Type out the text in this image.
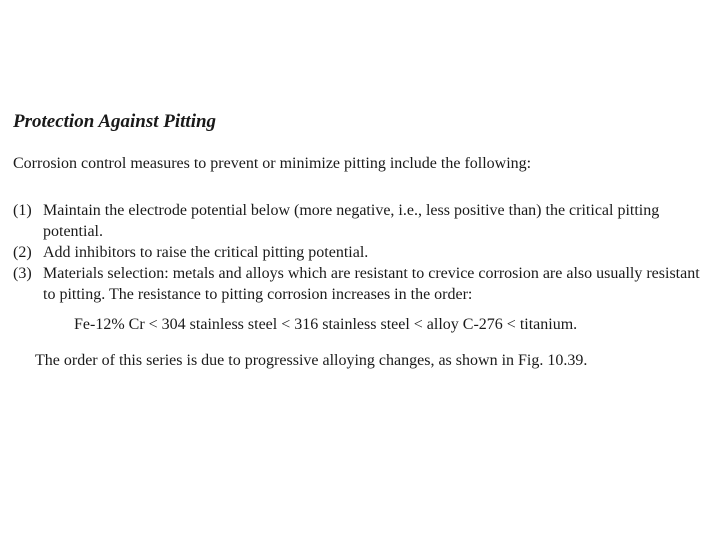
Protection Against Pitting
Corrosion control measures to prevent or minimize pitting include the following:
(1) Maintain the electrode potential below (more negative, i.e., less positive than) the critical pitting potential.
(2) Add inhibitors to raise the critical pitting potential.
(3) Materials selection: metals and alloys which are resistant to crevice corrosion are also usually resistant to pitting. The resistance to pitting corrosion increases in the order:
Fe-12% Cr < 304 stainless steel < 316 stainless steel < alloy C-276 < titanium.
The order of this series is due to progressive alloying changes, as shown in Fig. 10.39.
